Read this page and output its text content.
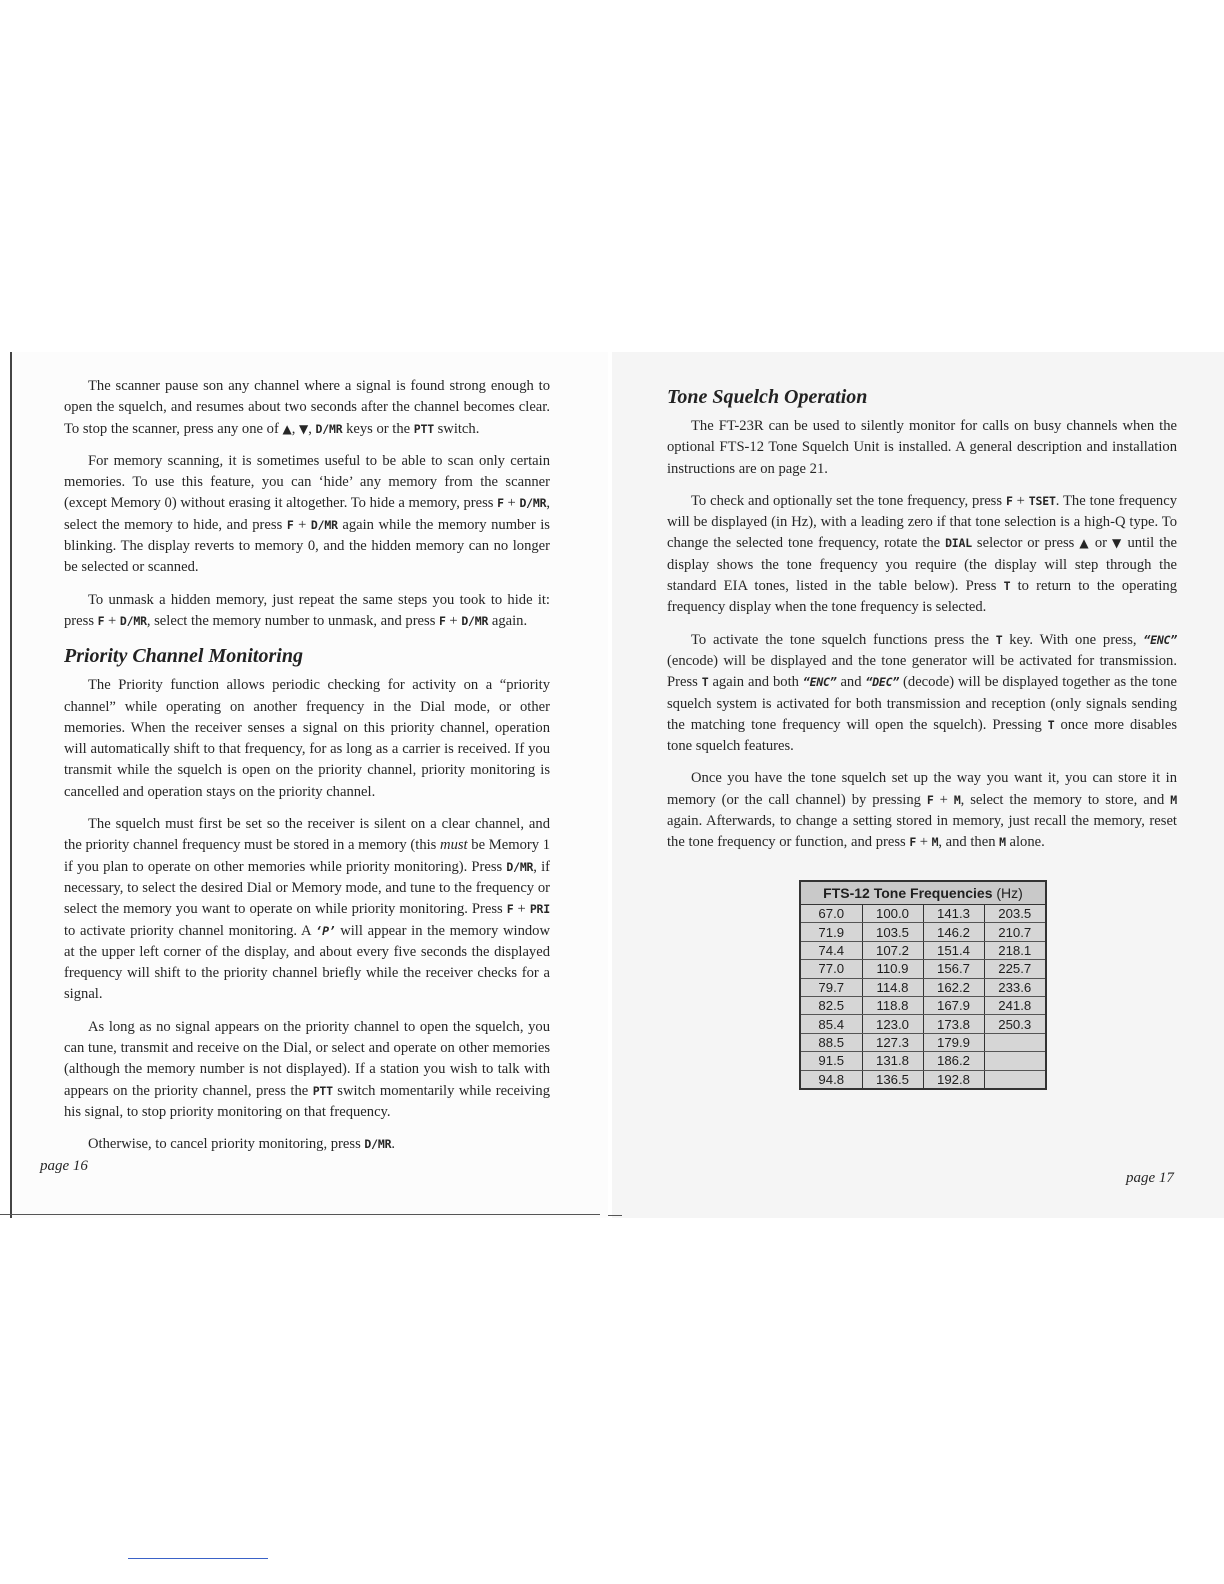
The scanner pause son any channel where a signal is found strong enough to open the squelch, and resumes about two seconds after the channel becomes clear. To stop the scanner, press any one of ▲, ▼, D/MR keys or the PTT switch.

For memory scanning, it is sometimes useful to be able to scan only certain memories. To use this feature, you can ‘hide’ any memory from the scanner (except Memory 0) without erasing it altogether. To hide a memory, press F + D/MR, select the memory to hide, and press F + D/MR again while the memory number is blinking. The display reverts to memory 0, and the hidden memory can no longer be selected or scanned.

To unmask a hidden memory, just repeat the same steps you took to hide it: press F + D/MR, select the memory number to unmask, and press F + D/MR again.

Priority Channel Monitoring

The Priority function allows periodic checking for activity on a “priority channel” while operating on another frequency in the Dial mode, or other memories. When the receiver senses a signal on this priority channel, operation will automatically shift to that frequency, for as long as a carrier is received. If you transmit while the squelch is open on the priority channel, priority monitoring is cancelled and operation stays on the priority channel.

The squelch must first be set so the receiver is silent on a clear channel, and the priority channel frequency must be stored in a memory (this must be Memory 1 if you plan to operate on other memories while priority monitoring). Press D/MR, if necessary, to select the desired Dial or Memory mode, and tune to the frequency or select the memory you want to operate on while priority monitoring. Press F + PRI to activate priority channel monitoring. A ‘P’ will appear in the memory window at the upper left corner of the display, and about every five seconds the displayed frequency will shift to the priority channel briefly while the receiver checks for a signal.

As long as no signal appears on the priority channel to open the squelch, you can tune, transmit and receive on the Dial, or select and operate on other memories (although the memory number is not displayed). If a station you wish to talk with appears on the priority channel, press the PTT switch momentarily while receiving his signal, to stop priority monitoring on that frequency.

Otherwise, to cancel priority monitoring, press D/MR.

page 16
Tone Squelch Operation

The FT-23R can be used to silently monitor for calls on busy channels when the optional FTS-12 Tone Squelch Unit is installed. A general description and installation instructions are on page 21.

To check and optionally set the tone frequency, press F + TSET. The tone frequency will be displayed (in Hz), with a leading zero if that tone selection is a high-Q type. To change the selected tone frequency, rotate the DIAL selector or press ▲ or ▼ until the display shows the tone frequency you require (the display will step through the standard EIA tones, listed in the table below). Press T to return to the operating frequency display when the tone frequency is selected.

To activate the tone squelch functions press the T key. With one press, “ENC” (encode) will be displayed and the tone generator will be activated for transmission. Press T again and both “ENC” and “DEC” (decode) will be displayed together as the tone squelch system is activated for both transmission and reception (only signals sending the matching tone frequency will open the squelch). Pressing T once more disables tone squelch features.

Once you have the tone squelch set up the way you want it, you can store it in memory (or the call channel) by pressing F + M, select the memory to store, and M again. Afterwards, to change a setting stored in memory, just recall the memory, reset the tone frequency or function, and press F + M, and then M alone.

FTS-12 Tone Frequencies (Hz)
67.0	100.0	141.3	203.5
71.9	103.5	146.2	210.7
74.4	107.2	151.4	218.1
77.0	110.9	156.7	225.7
79.7	114.8	162.2	233.6
82.5	118.8	167.9	241.8
85.4	123.0	173.8	250.3
88.5	127.3	179.9	
91.5	131.8	186.2	
94.8	136.5	192.8	
page 17
